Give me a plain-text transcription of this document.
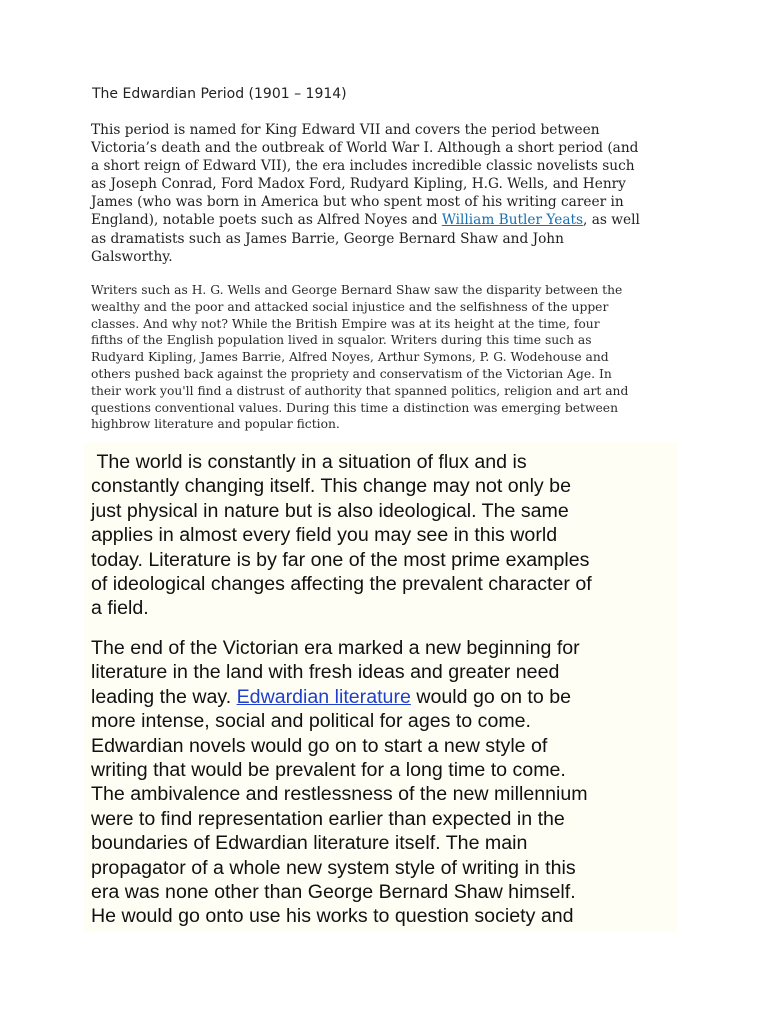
The Edwardian Period (1901 – 1914)
This period is named for King Edward VII and covers the period between
Victoria’s death and the outbreak of World War I. Although a short period (and
a short reign of Edward VII), the era includes incredible classic novelists such
as Joseph Conrad, Ford Madox Ford, Rudyard Kipling, H.G. Wells, and Henry
James (who was born in America but who spent most of his writing career in
England), notable poets such as Alfred Noyes and William Butler Yeats, as well
as dramatists such as James Barrie, George Bernard Shaw and John
Galsworthy.
Writers such as H. G. Wells and George Bernard Shaw saw the disparity between the
wealthy and the poor and attacked social injustice and the selfishness of the upper
classes. And why not? While the British Empire was at its height at the time, four
fifths of the English population lived in squalor. Writers during this time such as
Rudyard Kipling, James Barrie, Alfred Noyes, Arthur Symons, P. G. Wodehouse and
others pushed back against the propriety and conservatism of the Victorian Age. In
their work you'll find a distrust of authority that spanned politics, religion and art and
questions conventional values. During this time a distinction was emerging between
highbrow literature and popular fiction.
The world is constantly in a situation of flux and is
constantly changing itself. This change may not only be
just physical in nature but is also ideological. The same
applies in almost every field you may see in this world
today. Literature is by far one of the most prime examples
of ideological changes affecting the prevalent character of
a field.
The end of the Victorian era marked a new beginning for
literature in the land with fresh ideas and greater need
leading the way. Edwardian literature would go on to be
more intense, social and political for ages to come.
Edwardian novels would go on to start a new style of
writing that would be prevalent for a long time to come.
The ambivalence and restlessness of the new millennium
were to find representation earlier than expected in the
boundaries of Edwardian literature itself. The main
propagator of a whole new system style of writing in this
era was none other than George Bernard Shaw himself.
He would go onto use his works to question society and
